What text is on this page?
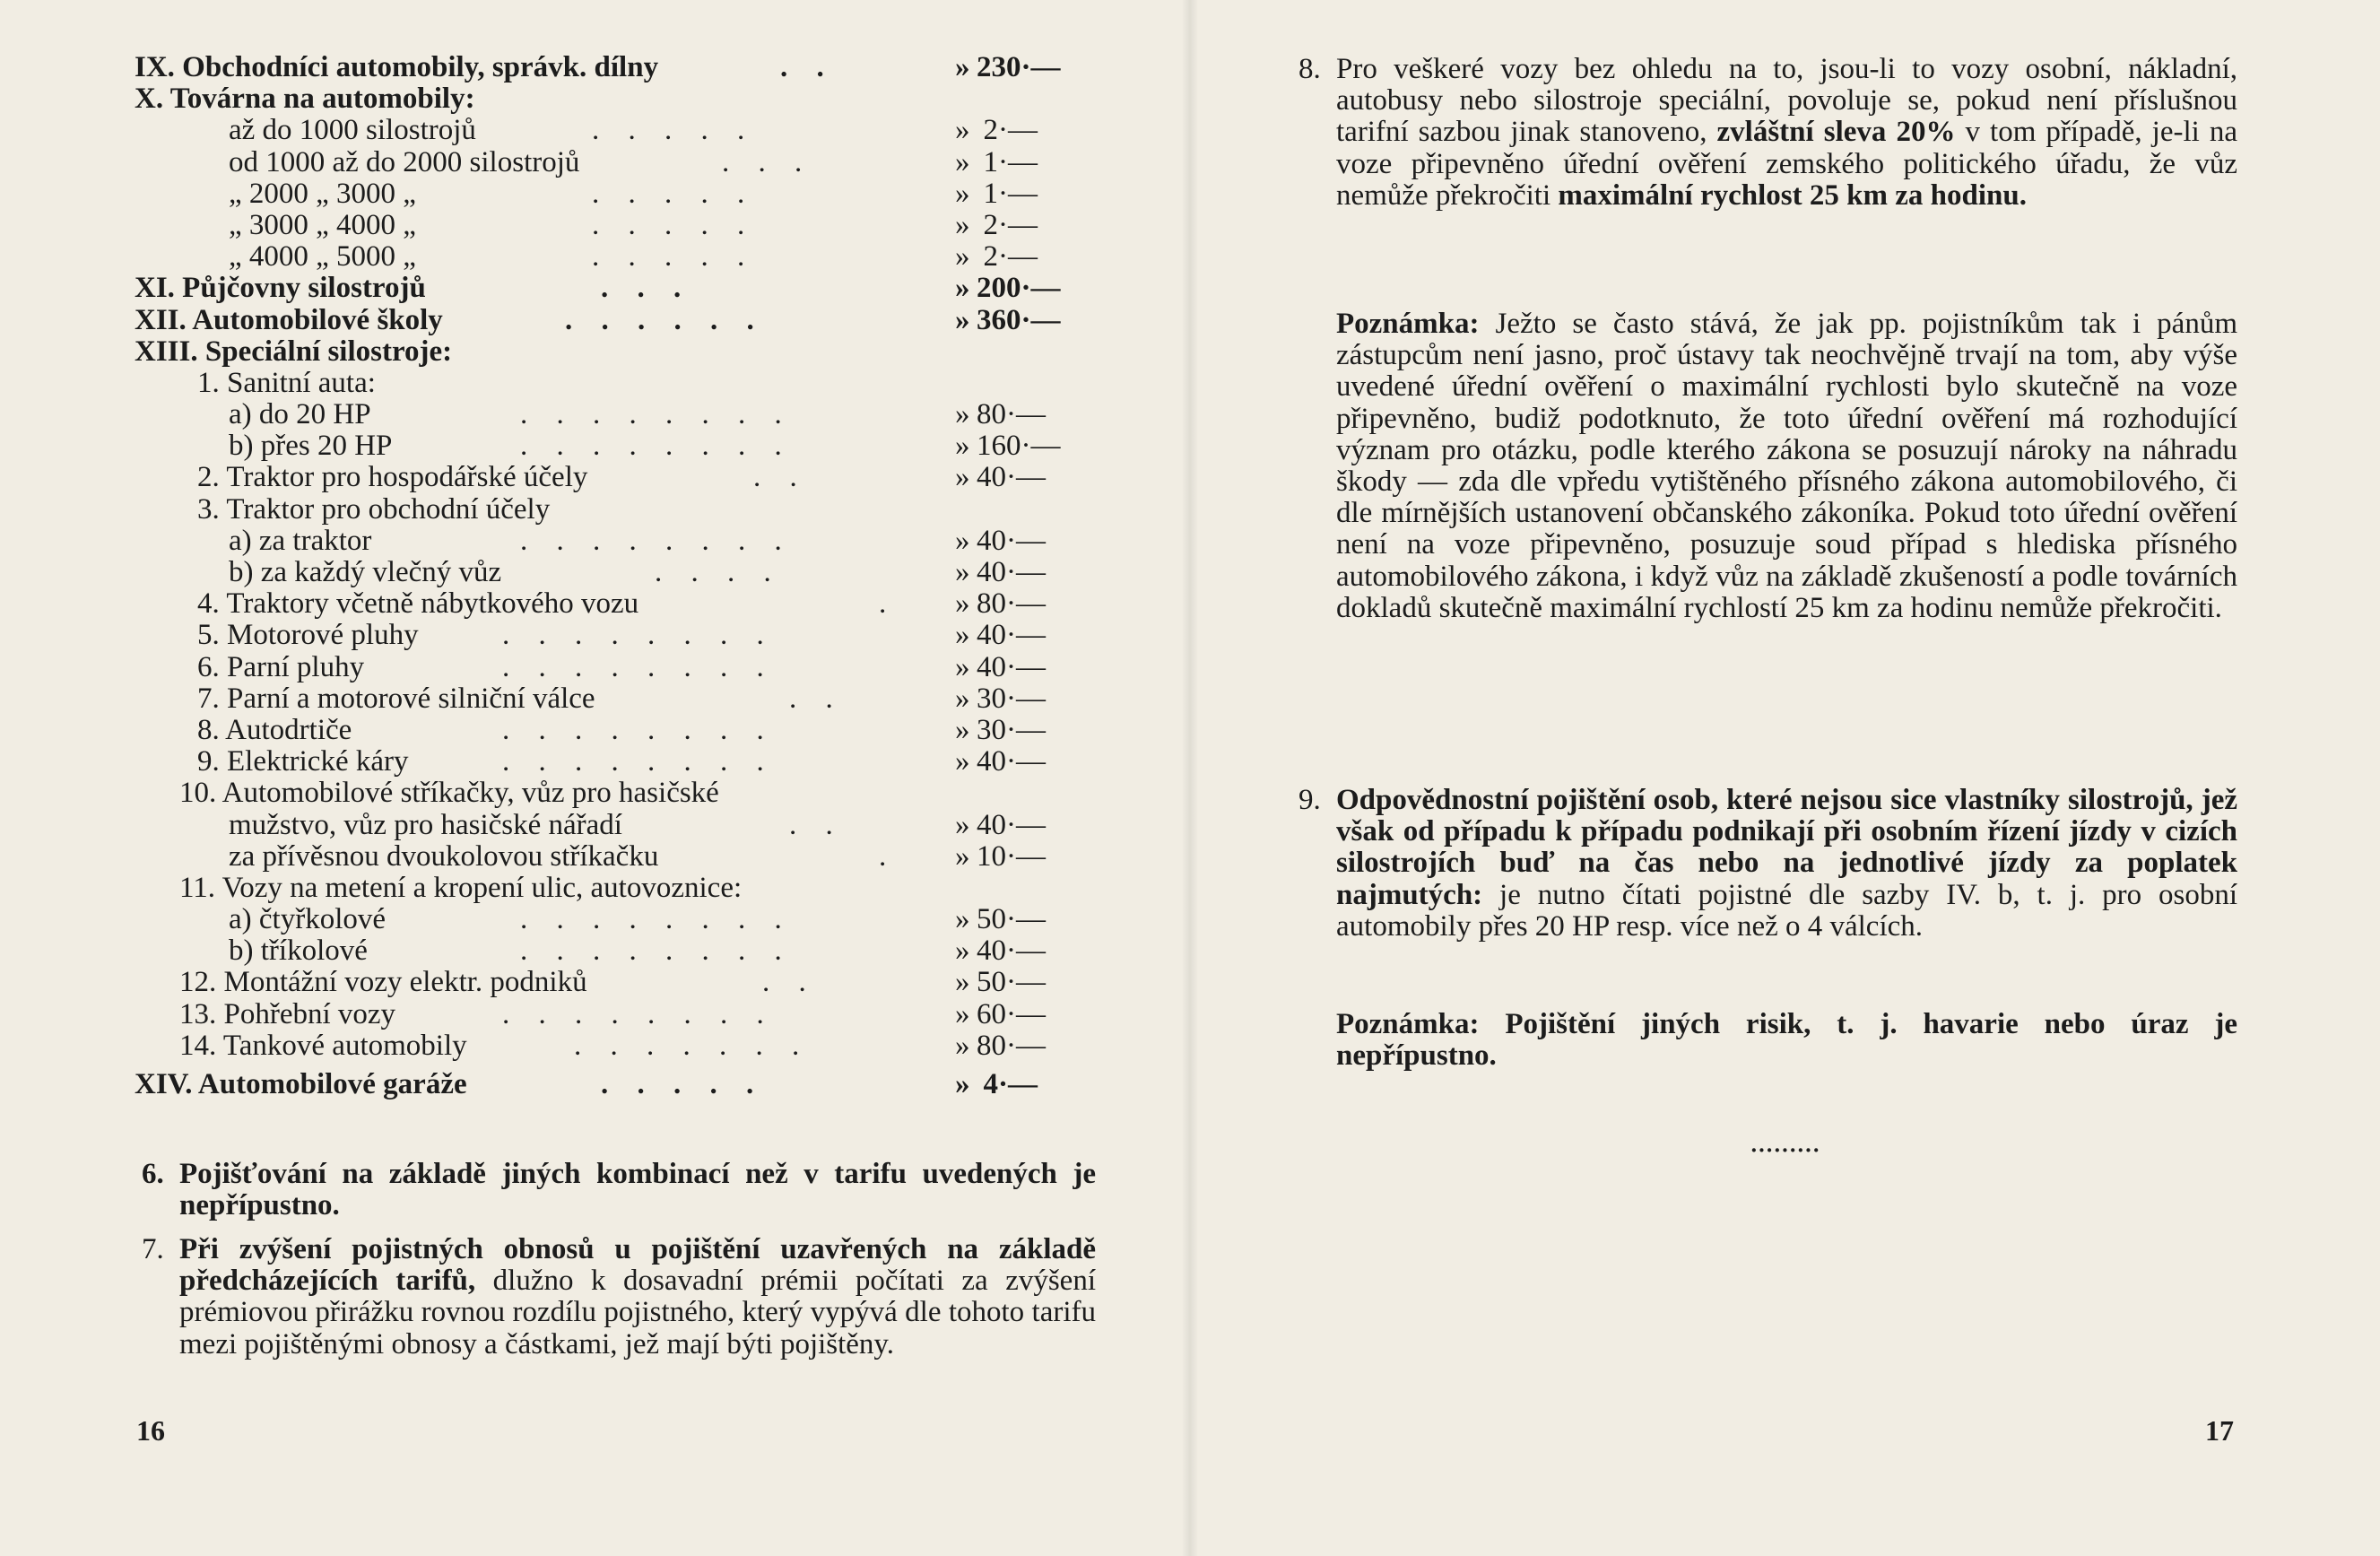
IX. Obchodníci automobily, správk. dílny	. .	» 230·—
X. Továrna na automobily:
až do 1000 silostrojů	. . . . .	» 2·—
od 1000 až do 2000 silostrojů	. . .	» 1·—
„ 2000 „ 3000 „	. . . . .	» 1·—
„ 3000 „ 4000 „	. . . . .	» 2·—
„ 4000 „ 5000 „	. . . . .	» 2·—
XI. Půjčovny silostrojů	. . .	» 200·—
XII. Automobilové školy	. . . . . .	» 360·—
XIII. Speciální silostroje:
1. Sanitní auta:
a) do 20 HP	. . . . . . . .	» 80·—
b) přes 20 HP	. . . . . . . .	» 160·—
2. Traktor pro hospodářské účely	. .	» 40·—
3. Traktor pro obchodní účely
a) za traktor	. . . . . . . .	» 40·—
b) za každý vlečný vůz	. . . .	» 40·—
4. Traktory včetně nábytkového vozu	. » 80·—
5. Motorové pluhy	. . . . . . . .	» 40·—
6. Parní pluhy	. . . . . . . .	» 40·—
7. Parní a motorové silniční válce	. .	» 30·—
8. Autodrtiče	. . . . . . . .	» 30·—
9. Elektrické káry	. . . . . . . .	» 40·—
10. Automobilové stříkačky, vůz pro hasičské
mužstvo, vůz pro hasičské nářadí	. .	» 40·—
za přívěsnou dvoukolovou stříkačku	. » 10·—
11. Vozy na metení a kropení ulic, autovoznice:
a) čtyřkolové	. . . . . . . .	» 50·—
b) tříkolové	. . . . . . . .	» 40·—
12. Montážní vozy elektr. podniků	. .	» 50·—
13. Pohřební vozy	. . . . . . . .	» 60·—
14. Tankové automobily	. . . . . . .	» 80·—
XIV. Automobilové garáže	. . . . .	» 4·—
6. Pojišťování na základě jiných kombinací než v tarifu uvedených je nepřípustno.
7. Při zvýšení pojistných obnosů u pojištění uzavřených na základě předcházejících tarifů, dlužno k dosavadní prémii počítati za zvýšení prémiovou přirážku rovnou rozdílu pojistného, který vypývá dle tohoto tarifu mezi pojištěnými obnosy a částkami, jež mají býti pojištěny.
16
8. Pro veškeré vozy bez ohledu na to, jsou-li to vozy osobní, nákladní, autobusy nebo silostroje speciální, povoluje se, pokud není příslušnou tarifní sazbou jinak stanoveno, zvláštní sleva 20% v tom případě, je-li na voze připevněno úřední ověření zemského politického úřadu, že vůz nemůže překročiti maximální rychlost 25 km za hodinu.
Poznámka: Ježto se často stává, že jak pp. pojistníkům tak i pánům zástupcům není jasno, proč ústavy tak neochvějně trvají na tom, aby výše uvedené úřední ověření o maximální rychlosti bylo skutečně na voze připevněno, budiž podotknuto, že toto úřední ověření má rozhodující význam pro otázku, podle kterého zákona se posuzují nároky na náhradu škody — zda dle vpředu vytištěného přísného zákona automobilového, či dle mírnějších ustanovení občanského zákoníka. Pokud toto úřední ověření není na voze připevněno, posuzuje soud případ s hlediska přísného automobilového zákona, i když vůz na základě zkušeností a podle továrních dokladů skutečně maximální rychlostí 25 km za hodinu nemůže překročiti.
9. Odpovědnostní pojištění osob, které nejsou sice vlastníky silostrojů, jež však od případu k případu podnikají při osobním řízení jízdy v cizích silostrojích buď na čas nebo na jednotlivé jízdy za poplatek najmutých: je nutno čítati pojistné dle sazby IV. b, t. j. pro osobní automobily přes 20 HP resp. více než o 4 válcích.
Poznámka: Pojištění jiných risik, t. j. havarie nebo úraz je nepřípustno.
·········
17
